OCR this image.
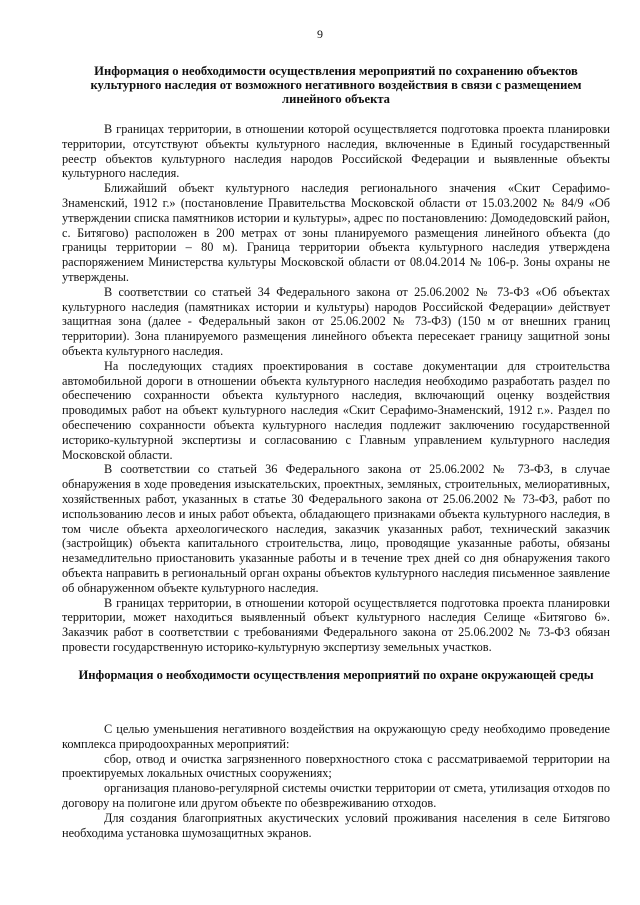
9
Информация о необходимости осуществления мероприятий по сохранению объектов культурного наследия от возможного негативного воздействия в связи с размещением линейного объекта

В границах территории, в отношении которой осуществляется подготовка проекта планировки территории, отсутствуют объекты культурного наследия, включенные в Единый государственный реестр объектов культурного наследия народов Российской Федерации и выявленные объекты культурного наследия.

Ближайший объект культурного наследия регионального значения «Скит Серафимо-Знаменский, 1912 г.» (постановление Правительства Московской области от 15.03.2002 № 84/9 «Об утверждении списка памятников истории и культуры», адрес по постановлению: Домодедовский район, с. Битягово) расположен в 200 метрах от зоны планируемого размещения линейного объекта (до границы территории – 80 м). Граница территории объекта культурного наследия утверждена распоряжением Министерства культуры Московской области от 08.04.2014 № 106-р. Зоны охраны не утверждены.

В соответствии со статьей 34 Федерального закона от 25.06.2002 № 73-ФЗ «Об объектах культурного наследия (памятниках истории и культуры) народов Российской Федерации» действует защитная зона (далее - Федеральный закон от 25.06.2002 № 73-ФЗ) (150 м от внешних границ территории). Зона планируемого размещения линейного объекта пересекает границу защитной зоны объекта культурного наследия.

На последующих стадиях проектирования в составе документации для строительства автомобильной дороги в отношении объекта культурного наследия необходимо разработать раздел по обеспечению сохранности объекта культурного наследия, включающий оценку воздействия проводимых работ на объект культурного наследия «Скит Серафимо-Знаменский, 1912 г.». Раздел по обеспечению сохранности объекта культурного наследия подлежит заключению государственной историко-культурной экспертизы и согласованию с Главным управлением культурного наследия Московской области.

В соответствии со статьей 36 Федерального закона от 25.06.2002 № 73-ФЗ, в случае обнаружения в ходе проведения изыскательских, проектных, земляных, строительных, мелиоративных, хозяйственных работ, указанных в статье 30 Федерального закона от 25.06.2002 № 73-ФЗ, работ по использованию лесов и иных работ объекта, обладающего признаками объекта культурного наследия, в том числе объекта археологического наследия, заказчик указанных работ, технический заказчик (застройщик) объекта капитального строительства, лицо, проводящие указанные работы, обязаны незамедлительно приостановить указанные работы и в течение трех дней со дня обнаружения такого объекта направить в региональный орган охраны объектов культурного наследия письменное заявление об обнаруженном объекте культурного наследия.

В границах территории, в отношении которой осуществляется подготовка проекта планировки территории, может находиться выявленный объект культурного наследия Селище «Битягово 6». Заказчик работ в соответствии с требованиями Федерального закона от 25.06.2002 № 73-ФЗ обязан провести государственную историко-культурную экспертизу земельных участков.

Информация о необходимости осуществления мероприятий по охране окружающей среды

С целью уменьшения негативного воздействия на окружающую среду необходимо проведение комплекса природоохранных мероприятий:

сбор, отвод и очистка загрязненного поверхностного стока с рассматриваемой территории на проектируемых локальных очистных сооружениях;

организация планово-регулярной системы очистки территории от смета, утилизация отходов по договору на полигоне или другом объекте по обезвреживанию отходов.

Для создания благоприятных акустических условий проживания населения в селе Битягово необходима установка шумозащитных экранов.
